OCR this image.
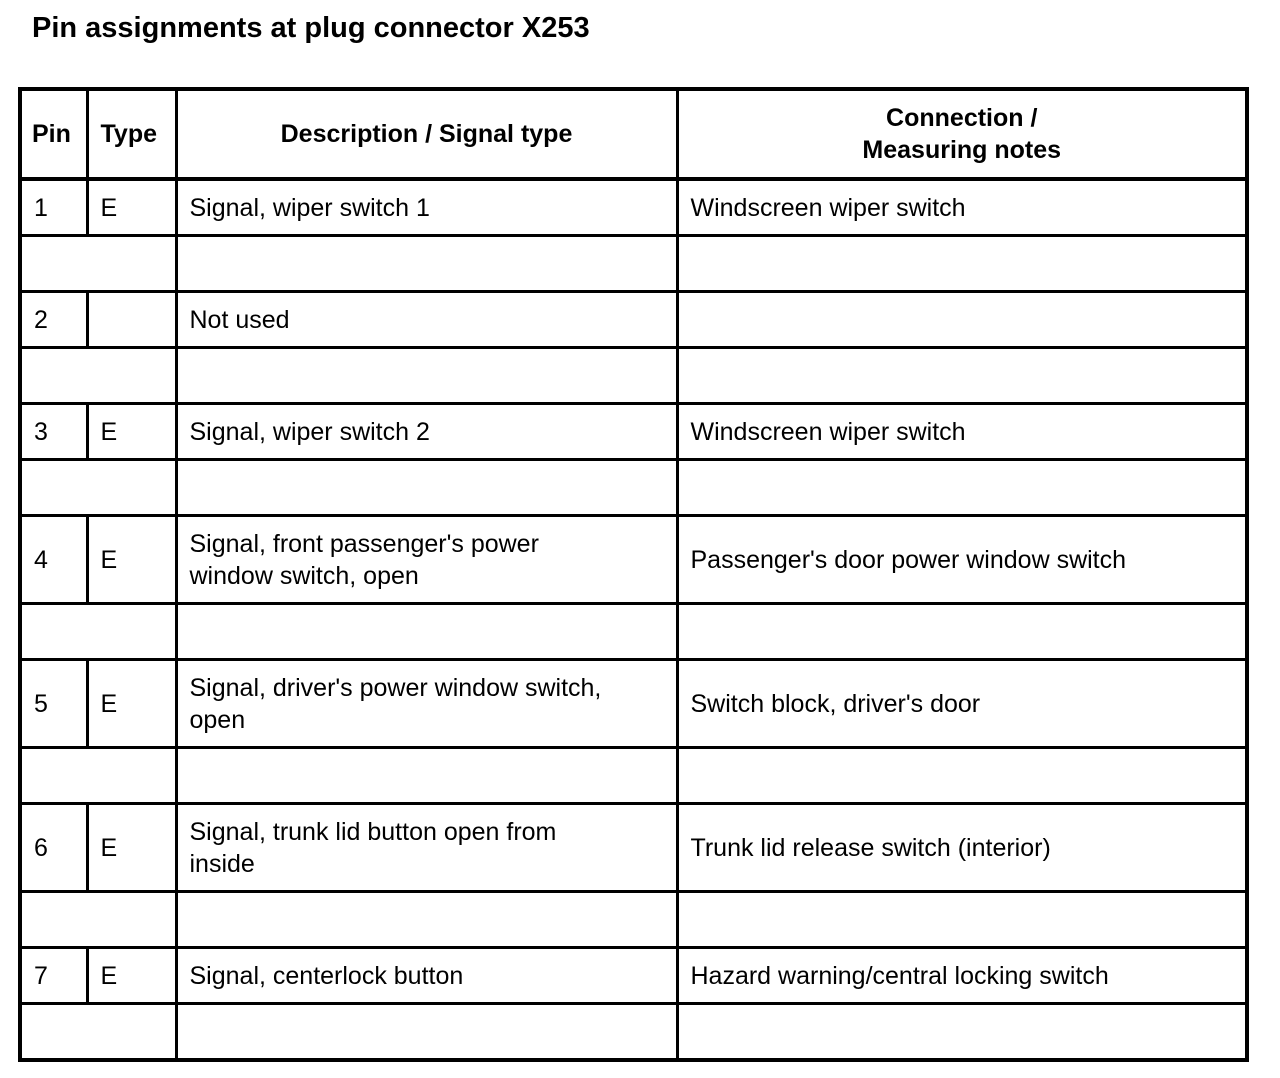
Pin assignments at plug connector X253
Pin	Type	Description / Signal type	Connection /
Measuring notes
1	E	Signal, wiper switch 1	Windscreen wiper switch

2		Not used	

3	E	Signal, wiper switch 2	Windscreen wiper switch

4	E	Signal, front passenger's power
window switch, open	Passenger's door power window switch

5	E	Signal, driver's power window switch,
open	Switch block, driver's door

6	E	Signal, trunk lid button open from
inside	Trunk lid release switch (interior)

7	E	Signal, centerlock button	Hazard warning/central locking switch
